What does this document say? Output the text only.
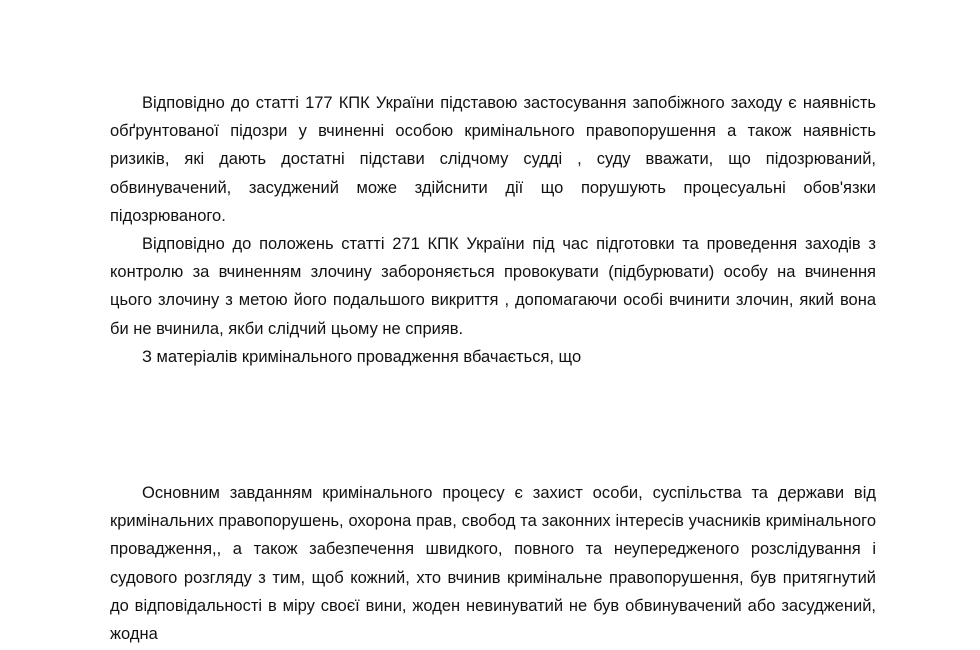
Відповідно до статті 177 КПК України підставою застосування запобіжного заходу є наявність обґрунтованої підозри у вчиненні особою кримінального правопорушення а також наявність ризиків, які дають достатні підстави слідчому судді , суду вважати, що підозрюваний, обвинувачений, засуджений може здійснити дії що порушують процесуальні обов'язки підозрюваного.

Відповідно до положень статті 271 КПК України під час підготовки та проведення заходів з контролю за вчиненням злочину забороняється провокувати (підбурювати) особу на вчинення цього злочину з метою його подальшого викриття , допомагаючи особі вчинити злочин, який вона би не вчинила, якби слідчий цьому не сприяв.

З матеріалів кримінального провадження вбачається, що

Основним завданням кримінального процесу є захист особи, суспільства та держави від кримінальних правопорушень, охорона прав, свобод та законних інтересів учасників кримінального провадження,, а також забезпечення швидкого, повного та неупередженого розслідування і судового розгляду з тим, щоб кожний, хто вчинив кримінальне правопорушення, був притягнутий до відповідальності в міру своєї вини, жоден невинуватий не був обвинувачений або засуджений, жодна
